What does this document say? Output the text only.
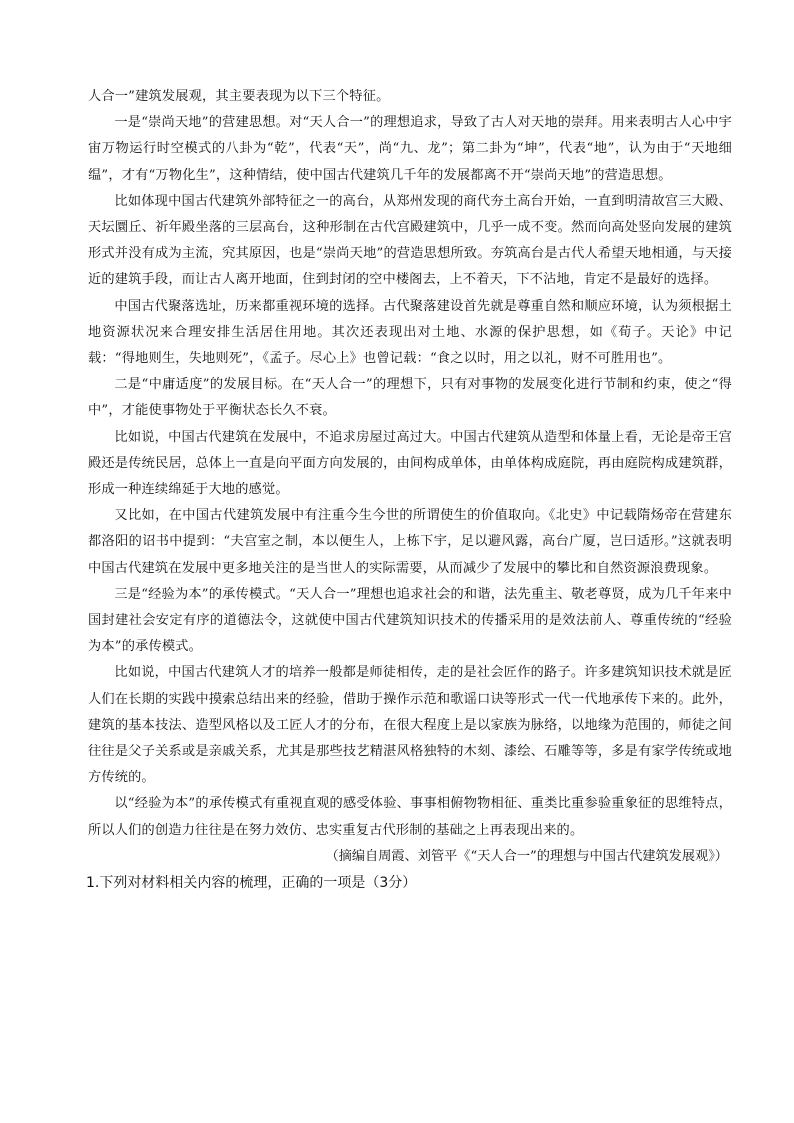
人合一”建筑发展观，其主要表现为以下三个特征。

一是“崇尚天地”的营建思想。对“天人合一”的理想追求，导致了古人对天地的崇拜。用来表明古人心中宇宙万物运行时空模式的八卦为“乾”，代表“天”，尚“九、龙”；第二卦为“坤”，代表“地”，认为由于“天地细缊”，才有“万物化生”，这种情结，使中国古代建筑几千年的发展都离不开“崇尚天地”的营造思想。

比如体现中国古代建筑外部特征之一的高台，从郑州发现的商代夯土高台开始，一直到明清故宫三大殿、天坛圜丘、祈年殿坐落的三层高台，这种形制在古代宫殿建筑中，几乎一成不变。然而向高处竖向发展的建筑形式并没有成为主流，究其原因，也是“崇尚天地”的营造思想所致。夯筑高台是古代人希望天地相通，与天接近的建筑手段，而让古人离开地面，住到封闭的空中楼阁去，上不着天，下不沾地，肯定不是最好的选择。

中国古代聚落选址，历来都重视环境的选择。古代聚落建设首先就是尊重自然和顺应环境，认为须根据土地资源状况来合理安排生活居住用地。其次还表现出对土地、水源的保护思想，如《荀子。天论》中记载：“得地则生，失地则死”，《孟子。尽心上》也曾记载：“食之以时，用之以礼，财不可胜用也”。

二是“中庸适度”的发展目标。在“天人合一”的理想下，只有对事物的发展变化进行节制和约束，使之“得中”，才能使事物处于平衡状态长久不衰。

比如说，中国古代建筑在发展中，不追求房屋过高过大。中国古代建筑从造型和体量上看，无论是帝王宫殿还是传统民居，总体上一直是向平面方向发展的，由间构成单体，由单体构成庭院，再由庭院构成建筑群，形成一种连续绵延于大地的感觉。

又比如，在中国古代建筑发展中有注重今生今世的所谓使生的价值取向。《北史》中记载隋炀帝在营建东都洛阳的诏书中提到：“夫宫室之制，本以便生人，上栋下宇，足以避风露，高台广厦，岂曰适形。”这就表明中国古代建筑在发展中更多地关注的是当世人的实际需要，从而减少了发展中的攀比和自然资源浪费现象。

三是“经验为本”的承传模式。“天人合一”理想也追求社会的和谐，法先重主、敬老尊贤，成为几千年来中国封建社会安定有序的道德法令，这就使中国古代建筑知识技术的传播采用的是效法前人、尊重传统的“经验为本”的承传模式。

比如说，中国古代建筑人才的培养一般都是师徒相传，走的是社会匠作的路子。许多建筑知识技术就是匠人们在长期的实践中摸索总结出来的经验，借助于操作示范和歌谣口诀等形式一代一代地承传下来的。此外，建筑的基本技法、造型风格以及工匠人才的分布，在很大程度上是以家族为脉络，以地缘为范围的，师徒之间往往是父子关系或是亲戚关系，尤其是那些技艺精湛风格独特的木刻、漆绘、石雕等等，多是有家学传统或地方传统的。

以“经验为本”的承传模式有重视直观的感受体验、事事相俯物物相征、重类比重参验重象征的思维特点，所以人们的创造力往往是在努力效仿、忠实重复古代形制的基础之上再表现出来的。

（摘编自周霞、刘管平《“天人合一”的理想与中国古代建筑发展观》）

1.下列对材料相关内容的梳理，正确的一项是（3分）
